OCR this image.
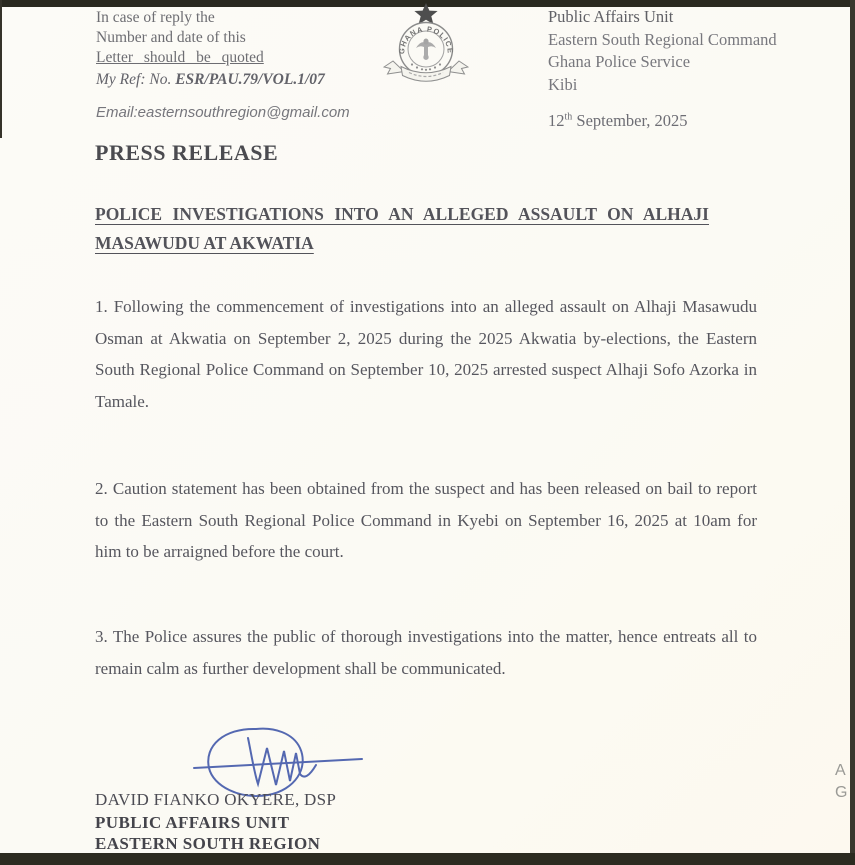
In case of reply the
Number and date of this
Letter should be quoted
My Ref: No. ESR/PAU.79/VOL.1/07
Email:easternsouthregion@gmail.com
GHANA POLICE
Public Affairs Unit
Eastern South Regional Command
Ghana Police Service
Kibi
12th September, 2025
PRESS RELEASE
POLICE INVESTIGATIONS INTO AN ALLEGED ASSAULT ON ALHAJI MASAWUDU AT AKWATIA
1. Following the commencement of investigations into an alleged assault on Alhaji Masawudu Osman at Akwatia on September 2, 2025 during the 2025 Akwatia by-elections, the Eastern South Regional Police Command on September 10, 2025 arrested suspect Alhaji Sofo Azorka in Tamale.
2. Caution statement has been obtained from the suspect and has been released on bail to report to the Eastern South Regional Police Command in Kyebi on September 16, 2025 at 10am for him to be arraigned before the court.
3. The Police assures the public of thorough investigations into the matter, hence entreats all to remain calm as further development shall be communicated.
DAVID FIANKO OKYERE, DSP
PUBLIC AFFAIRS UNIT
EASTERN SOUTH REGION
A
G
